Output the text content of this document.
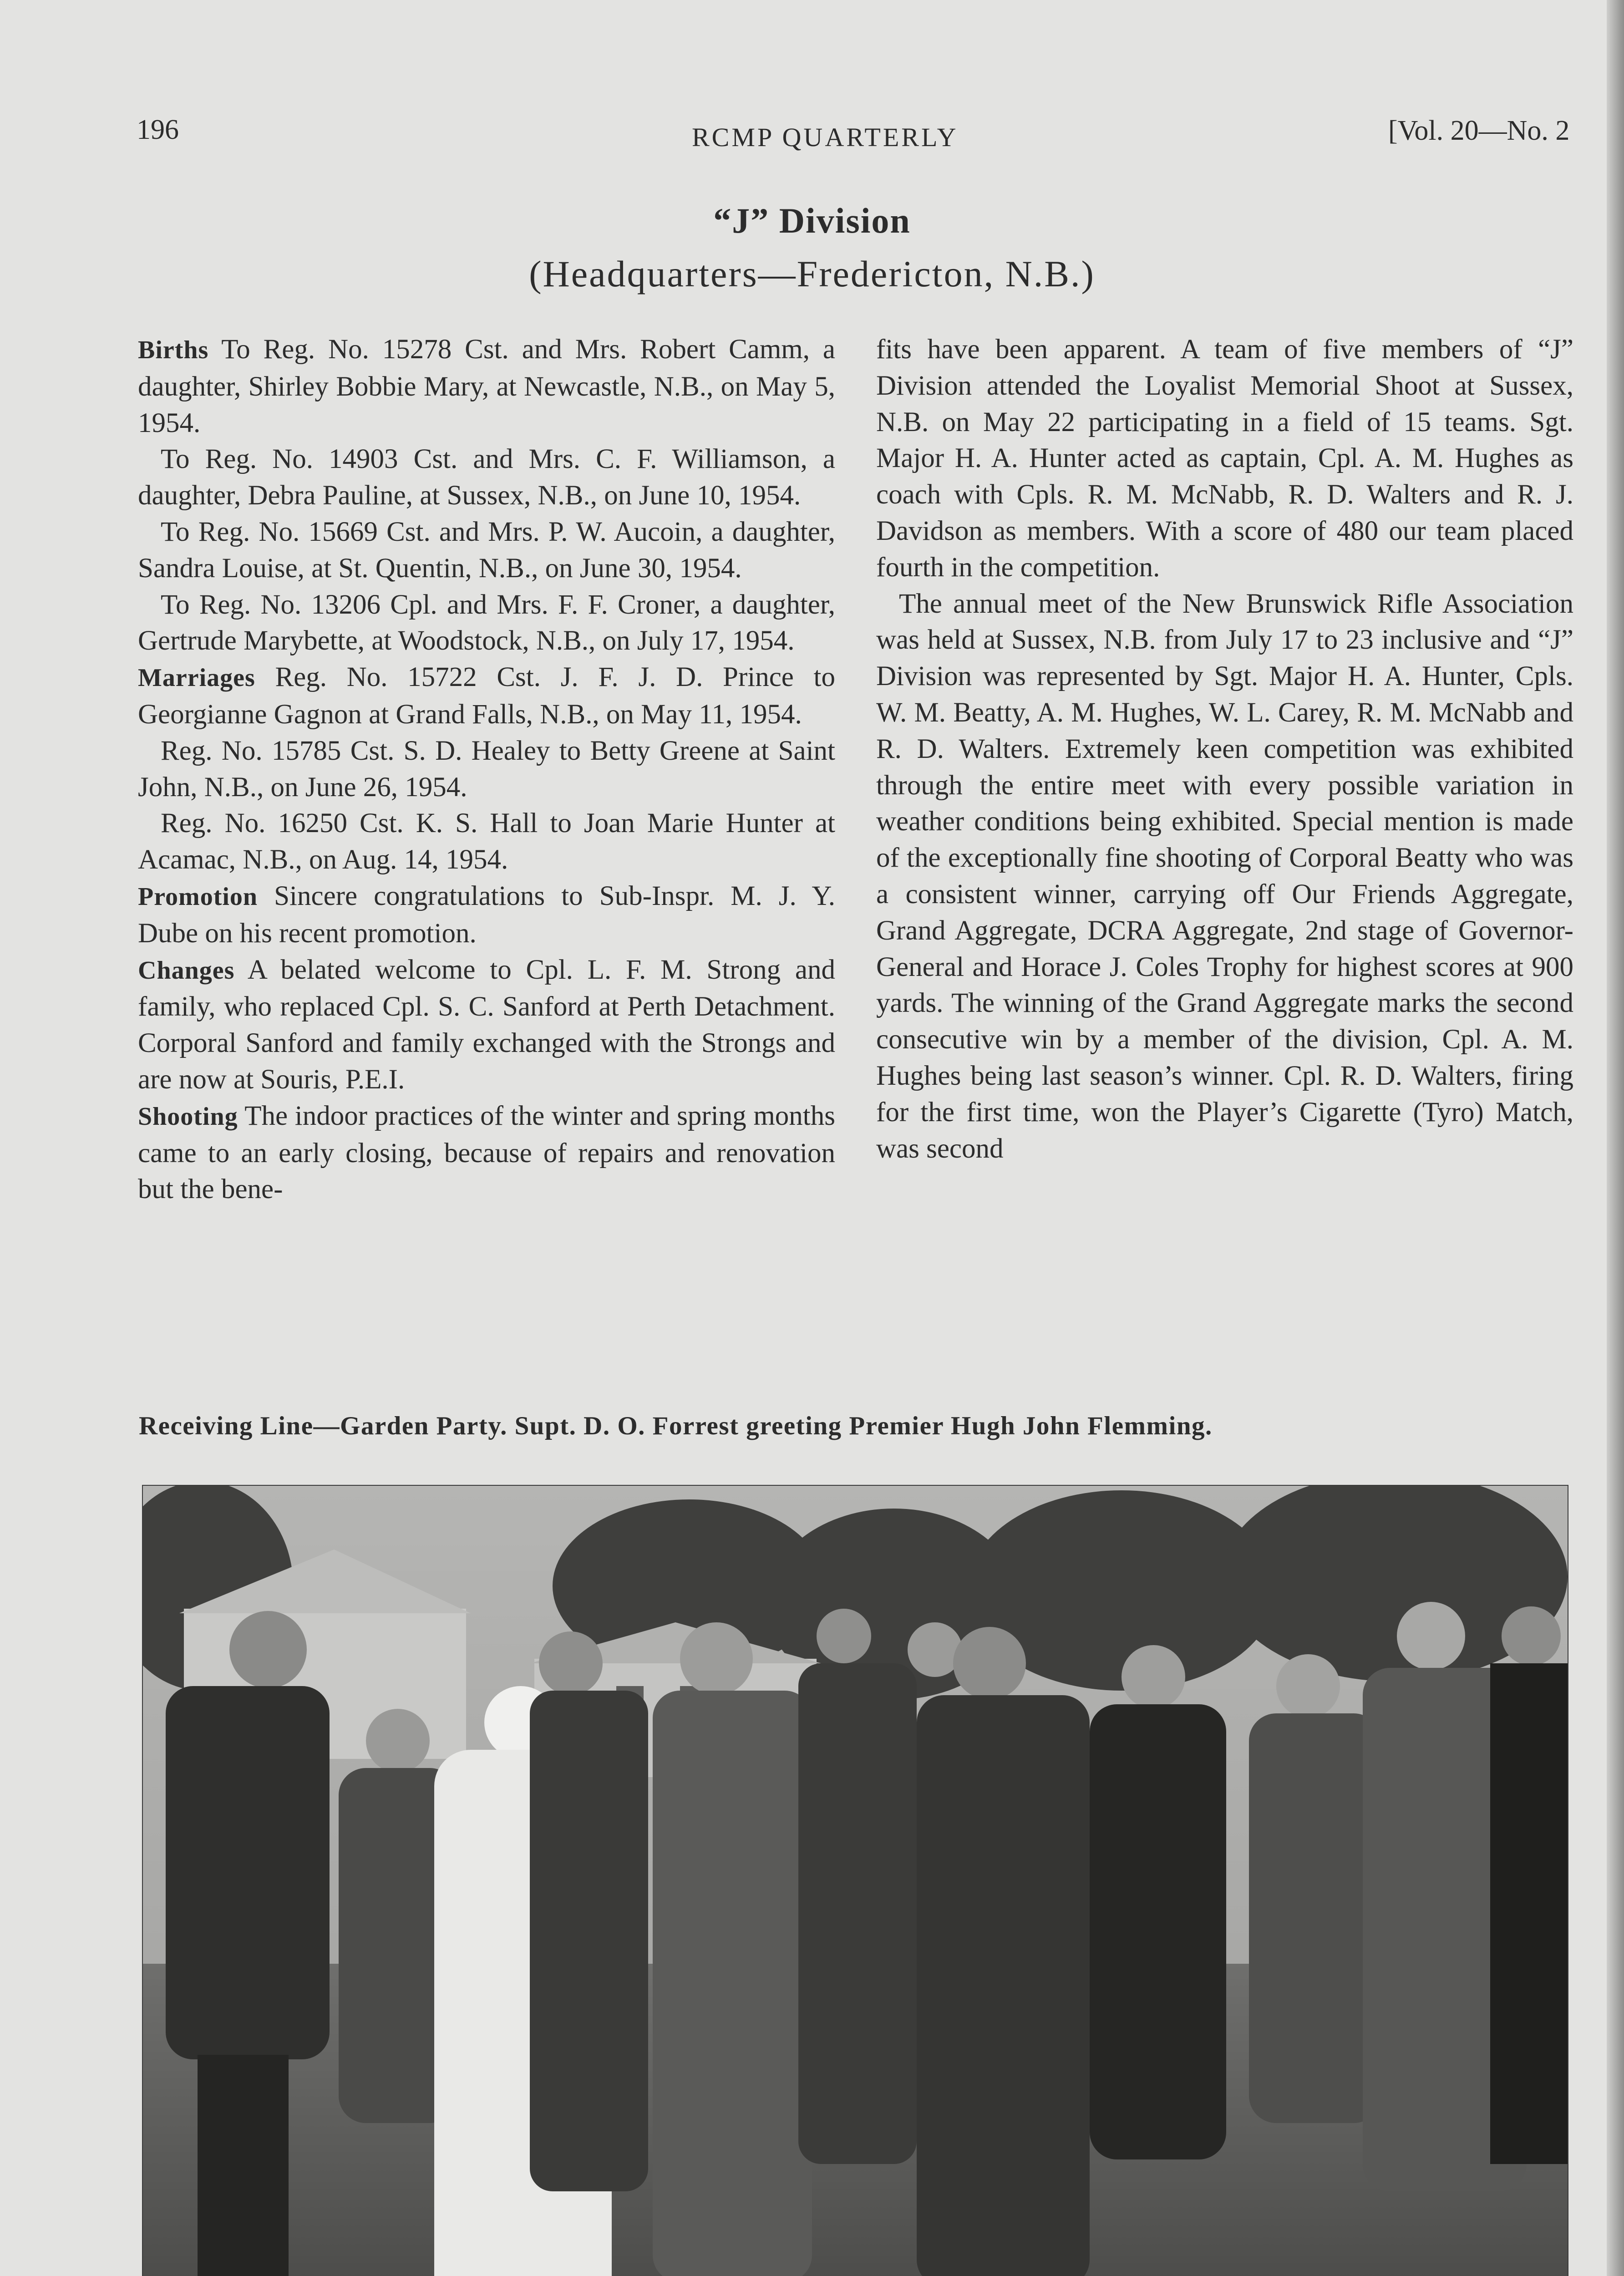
196	RCMP QUARTERLY	[Vol. 20—No. 2
“J” Division
(Headquarters—Fredericton, N.B.)

Births To Reg. No. 15278 Cst. and Mrs. Robert Camm, a daughter, Shirley Bobbie Mary, at Newcastle, N.B., on May 5, 1954.

To Reg. No. 14903 Cst. and Mrs. C. F. Williamson, a daughter, Debra Pauline, at Sussex, N.B., on June 10, 1954.

To Reg. No. 15669 Cst. and Mrs. P. W. Aucoin, a daughter, Sandra Louise, at St. Quentin, N.B., on June 30, 1954.

To Reg. No. 13206 Cpl. and Mrs. F. F. Croner, a daughter, Gertrude Marybette, at Woodstock, N.B., on July 17, 1954.

Marriages Reg. No. 15722 Cst. J. F. J. D. Prince to Georgianne Gagnon at Grand Falls, N.B., on May 11, 1954.

Reg. No. 15785 Cst. S. D. Healey to Betty Greene at Saint John, N.B., on June 26, 1954.

Reg. No. 16250 Cst. K. S. Hall to Joan Marie Hunter at Acamac, N.B., on Aug. 14, 1954.

Promotion Sincere congratulations to Sub-Inspr. M. J. Y. Dube on his recent promotion.

Changes A belated welcome to Cpl. L. F. M. Strong and family, who replaced Cpl. S. C. Sanford at Perth Detachment. Corporal Sanford and family exchanged with the Strongs and are now at Souris, P.E.I.

Shooting The indoor practices of the winter and spring months came to an early closing, because of repairs and renovation but the bene-

fits have been apparent. A team of five members of “J” Division attended the Loyalist Memorial Shoot at Sussex, N.B. on May 22 participating in a field of 15 teams. Sgt. Major H. A. Hunter acted as captain, Cpl. A. M. Hughes as coach with Cpls. R. M. McNabb, R. D. Walters and R. J. Davidson as members. With a score of 480 our team placed fourth in the competition.

The annual meet of the New Brunswick Rifle Association was held at Sussex, N.B. from July 17 to 23 inclusive and “J” Division was represented by Sgt. Major H. A. Hunter, Cpls. W. M. Beatty, A. M. Hughes, W. L. Carey, R. M. McNabb and R. D. Walters. Extremely keen competition was exhibited through the entire meet with every possible variation in weather conditions being exhibited. Special mention is made of the exceptionally fine shooting of Corporal Beatty who was a consistent winner, carrying off Our Friends Aggregate, Grand Aggregate, DCRA Aggregate, 2nd stage of Governor-General and Horace J. Coles Trophy for highest scores at 900 yards. The winning of the Grand Aggregate marks the second consecutive win by a member of the division, Cpl. A. M. Hughes being last season’s winner. Cpl. R. D. Walters, firing for the first time, won the Player’s Cigarette (Tyro) Match, was second

Receiving Line—Garden Party. Supt. D. O. Forrest greeting Premier Hugh John Flemming.
